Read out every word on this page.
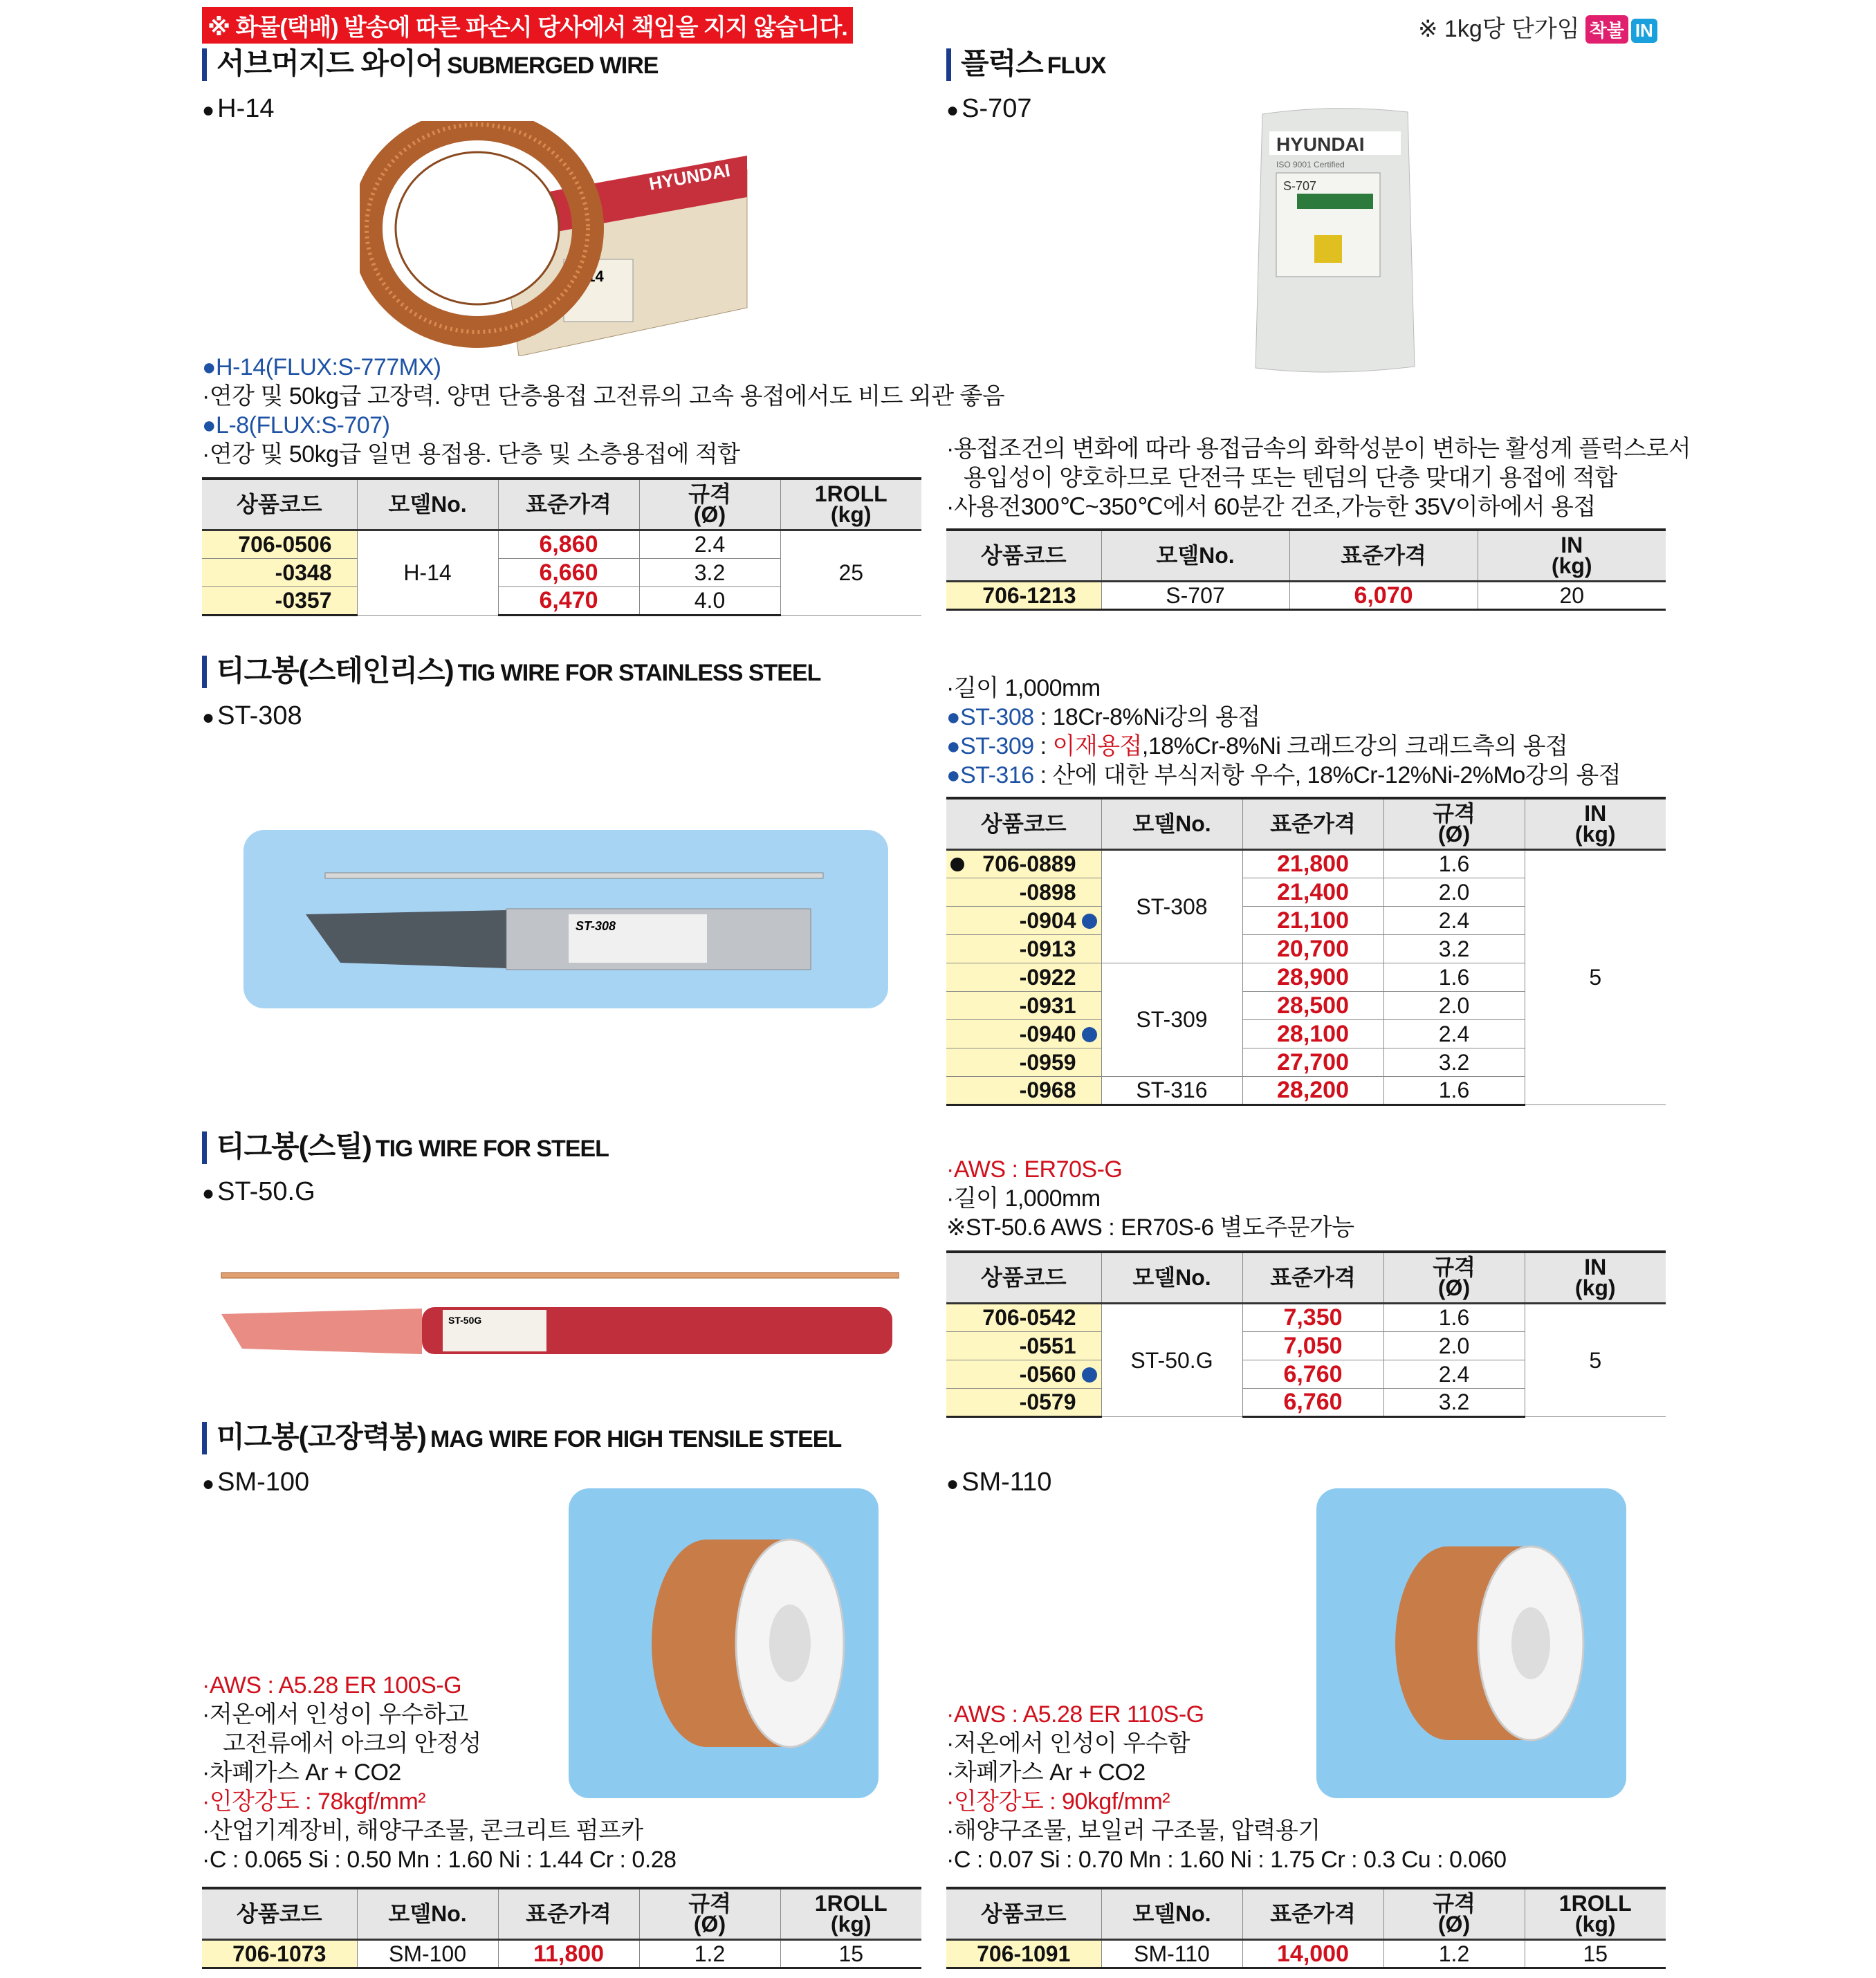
※ 화물(택배) 발송에 따른 파손시 당사에서 책임을 지지 않습니다.	※ 1kg당 단가임 착불 IN
서브머지드 와이어 SUBMERGED WIRE
● H-14
HYUNDAI
H-14
●H-14(FLUX:S-777MX)
·연강 및 50kg급 고장력. 양면 단층용접 고전류의 고속 용접에서도 비드 외관 좋음
●L-8(FLUX:S-707)
·연강 및 50kg급 일면 용접용. 단층 및 소층용접에 적합
상품코드	모델No.	표준가격	규격
(Ø)	1ROLL
(kg)
706-0506	H-14	6,860	2.4	25
-0348		6,660	3.2	
-0357		6,470	4.0	
플럭스 FLUX
● S-707
HYUNDAI
ISO 9001 Certified
S-707
·용접조건의 변화에 따라 용접금속의 화학성분이 변하는 활성계 플럭스로서
용입성이 양호하므로 단전극 또는 텐덤의 단층 맞대기 용접에 적합
·사용전300℃~350℃에서 60분간 건조,가능한 35V이하에서 용접
상품코드	모델No.	표준가격	IN
(kg)
706-1213	S-707	6,070	20
티그봉(스테인리스) TIG WIRE FOR STAINLESS STEEL
● ST-308
ST-308
·길이 1,000mm
●ST-308 : 18Cr-8%Ni강의 용접
●ST-309 : 이재용접,18%Cr-8%Ni 크래드강의 크래드측의 용접
●ST-316 : 산에 대한 부식저항 우수, 18%Cr-12%Ni-2%Mo강의 용접
상품코드	모델No.	표준가격	규격
(Ø)	IN
(kg)

706-0889	ST-308	21,800	1.6	5
-0898		21,400	2.0	
-0904		21,100	2.4	
-0913		20,700	3.2	
-0922	ST-309	28,900	1.6	
-0931		28,500	2.0	
-0940		28,100	2.4	
-0959		27,700	3.2	
-0968	ST-316	28,200	1.6	
티그봉(스틸) TIG WIRE FOR STEEL
● ST-50.G
ST-50G
·AWS : ER70S-G
·길이 1,000mm
※ST-50.6 AWS : ER70S-6 별도주문가능
상품코드	모델No.	표준가격	규격
(Ø)	IN
(kg)
706-0542	ST-50.G	7,350	1.6	5
-0551		7,050	2.0	
-0560		6,760	2.4	
-0579		6,760	3.2	
미그봉(고장력봉) MAG WIRE FOR HIGH TENSILE STEEL
● SM-100
·AWS : A5.28 ER 100S-G
·저온에서 인성이 우수하고
고전류에서 아크의 안정성
·차폐가스 Ar + CO2
·인장강도 : 78kgf/mm²
·산업기계장비, 해양구조물, 콘크리트 펌프카
·C : 0.065 Si : 0.50 Mn : 1.60 Ni : 1.44 Cr : 0.28
상품코드	모델No.	표준가격	규격
(Ø)	1ROLL
(kg)
706-1073	SM-100	11,800	1.2	15
● SM-110
·AWS : A5.28 ER 110S-G
·저온에서 인성이 우수함
·차폐가스 Ar + CO2
·인장강도 : 90kgf/mm²
·해양구조물, 보일러 구조물, 압력용기
·C : 0.07 Si : 0.70 Mn : 1.60 Ni : 1.75 Cr : 0.3 Cu : 0.060
상품코드	모델No.	표준가격	규격
(Ø)	1ROLL
(kg)
706-1091	SM-110	14,000	1.2	15
